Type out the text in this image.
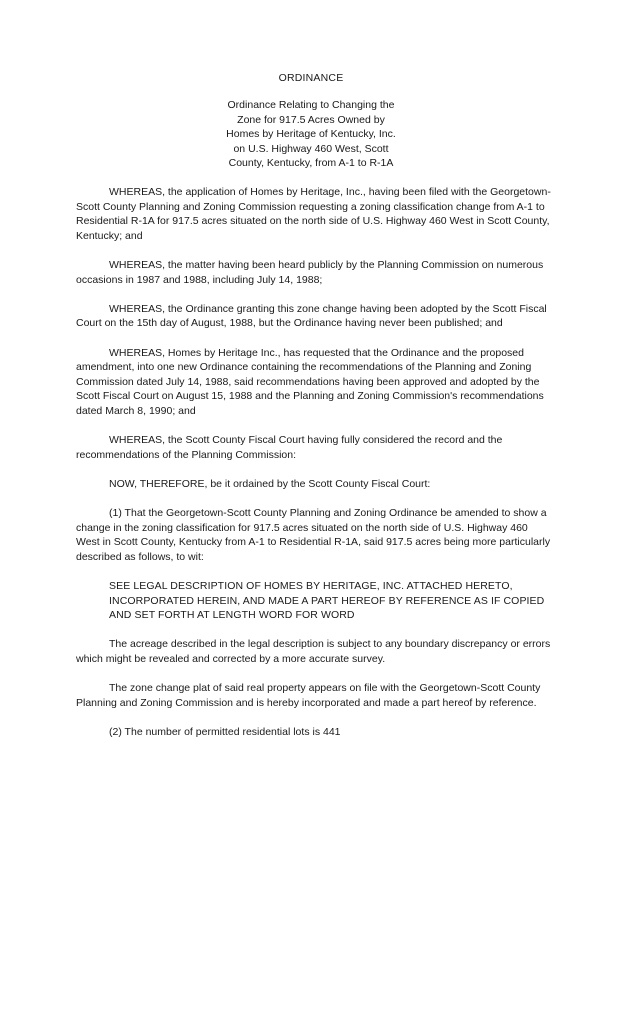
ORDINANCE
Ordinance Relating to Changing the
Zone for 917.5 Acres Owned by
Homes by Heritage of Kentucky, Inc.
on U.S. Highway 460 West, Scott
County, Kentucky, from A-1 to R-1A

WHEREAS, the application of Homes by Heritage, Inc., having been filed with the Georgetown-Scott County Planning and Zoning Commission requesting a zoning classification change from A-1 to Residential R-1A for 917.5 acres situated on the north side of U.S. Highway 460 West in Scott County, Kentucky; and

WHEREAS, the matter having been heard publicly by the Planning Commission on numerous occasions in 1987 and 1988, including July 14, 1988;

WHEREAS, the Ordinance granting this zone change having been adopted by the Scott Fiscal Court on the 15th day of August, 1988, but the Ordinance having never been published; and

WHEREAS, Homes by Heritage Inc., has requested that the Ordinance and the proposed amendment, into one new Ordinance containing the recommendations of the Planning and Zoning Commission dated July 14, 1988, said recommendations having been approved and adopted by the Scott Fiscal Court on August 15, 1988 and the Planning and Zoning Commission's recommendations dated March 8, 1990; and

WHEREAS, the Scott County Fiscal Court having fully considered the record and the recommendations of the Planning Commission:

NOW, THEREFORE, be it ordained by the Scott County Fiscal Court:

(1) That the Georgetown-Scott County Planning and Zoning Ordinance be amended to show a change in the zoning classification for 917.5 acres situated on the north side of U.S. Highway 460 West in Scott County, Kentucky from A-1 to Residential R-1A, said 917.5 acres being more particularly described as follows, to wit:

SEE LEGAL DESCRIPTION OF HOMES BY HERITAGE, INC. ATTACHED HERETO, INCORPORATED HEREIN, AND MADE A PART HEREOF BY REFERENCE AS IF COPIED AND SET FORTH AT LENGTH WORD FOR WORD

The acreage described in the legal description is subject to any boundary discrepancy or errors which might be revealed and corrected by a more accurate survey.

The zone change plat of said real property appears on file with the Georgetown-Scott County Planning and Zoning Commission and is hereby incorporated and made a part hereof by reference.

(2) The number of permitted residential lots is 441
